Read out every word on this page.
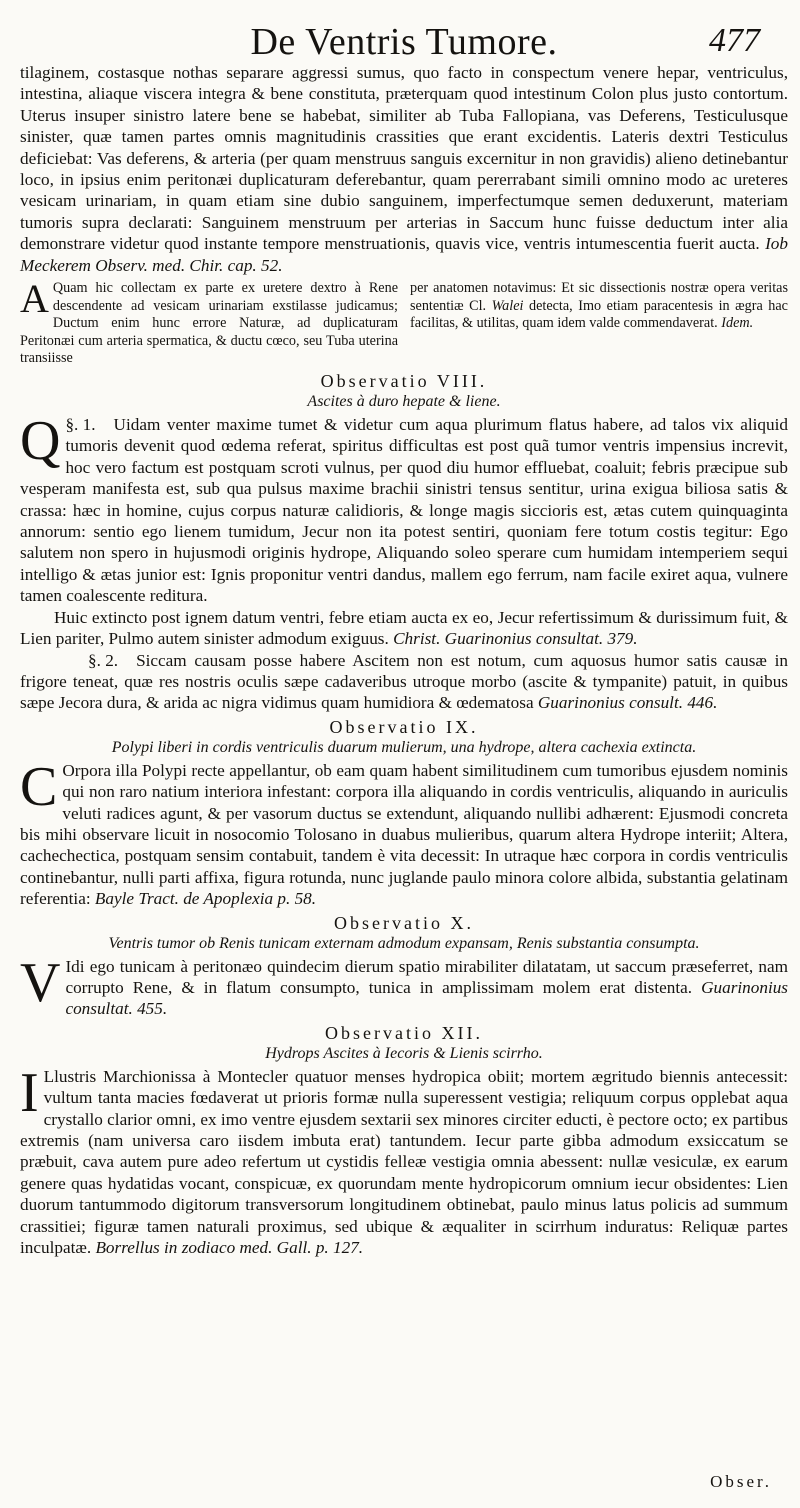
De Ventris Tumore.	477

tilaginem, costasque nothas separare aggressi sumus, quo facto in conspectum venere hepar, ventriculus, intestina, aliaque viscera integra & bene constituta, præterquam quod intestinum Colon plus justo contortum. Uterus insuper sinistro latere bene se habebat, similiter ab Tuba Fallopiana, vas Deferens, Testiculusque sinister, quæ tamen partes omnis magnitudinis crassities que erant excidentis. Lateris dextri Testiculus deficiebat: Vas deferens, & arteria (per quam menstruus sanguis excernitur in non gravidis) alieno detinebantur loco, in ipsius enim peritonæi duplicaturam deferebantur, quam pererrabant simili omnino modo ac ureteres vesicam urinariam, in quam etiam sine dubio sanguinem, imperfectumque semen deduxerunt, materiam tumoris supra declarati: Sanguinem menstruum per arterias in Saccum hunc fuisse deductum inter alia demonstrare videtur quod instante tempore menstruationis, quavis vice, ventris intumescentia fuerit aucta. Iob Meckerem Observ. med. Chir. cap. 52.

A Quam hic collectam ex parte ex uretere dextro à Rene descendente ad vesicam urinariam exstilasse judicamus; Ductum enim hunc errore Naturæ, ad duplicaturam Peritonæi cum arteria spermatica, & ductu cœco, seu Tuba uterina transiisse

per anatomen notavimus: Et sic dissectionis nostræ opera veritas sententiæ Cl. Walei detecta, Imo etiam paracentesis in ægra hac facilitas, & utilitas, quam idem valde commendaverat. Idem.

Observatio VIII.
Ascites à duro hepate & liene.

§. 1.
Q	Uidam venter maxime tumet & videtur cum aqua plurimum flatus habere, ad talos vix aliquid tumoris devenit quod œdema referat, spiritus difficultas est post quã tumor ventris impensius increvit, hoc vero factum est postquam scroti vulnus, per quod diu humor effluebat, coaluit; febris præcipue sub vesperam manifesta est, sub qua pulsus maxime brachii sinistri tensus sentitur, urina exigua biliosa satis & crassa: hæc in homine, cujus corpus naturæ calidioris, & longe magis siccioris est, ætas cutem quinquaginta annorum: sentio ego lienem tumidum, Jecur non ita potest sentiri, quoniam fere totum costis tegitur: Ego salutem non spero in hujusmodi originis hydrope, Aliquando soleo sperare cum humidam intemperiem sequi intelligo & ætas junior est: Ignis proponitur ventri dandus, mallem ego ferrum, nam facile exiret aqua, vulnere tamen coalescente reditura.

Huic extincto post ignem datum ventri, febre etiam aucta ex eo, Jecur refertissimum & durissimum fuit, & Lien pariter, Pulmo autem sinister admodum exiguus. Christ. Guarinonius consultat. 379.

§. 2. Siccam causam posse habere Ascitem non est notum, cum aquosus humor satis causæ in frigore teneat, quæ res nostris oculis sæpe cadaveribus utroque morbo (ascite & tympanite) patuit, in quibus sæpe Jecora dura, & arida ac nigra vidimus quam humidiora & œdematosa Guarinonius consult. 446.

Observatio IX.
Polypi liberi in cordis ventriculis duarum mulierum, una hydrope, altera cachexia extincta.

C Orpora illa Polypi recte appellantur, ob eam quam habent similitudinem cum tumoribus ejusdem nominis qui non raro natium interiora infestant: corpora illa aliquando in cordis ventriculis, aliquando in auriculis veluti radices agunt, & per vasorum ductus se extendunt, aliquando nullibi adhærent: Ejusmodi concreta bis mihi observare licuit in nosocomio Tolosano in duabus mulieribus, quarum altera Hydrope interiit; Altera, cachechectica, postquam sensim contabuit, tandem è vita decessit: In utraque hæc corpora in cordis ventriculis continebantur, nulli parti affixa, figura rotunda, nunc juglande paulo minora colore albida, substantia gelatinam referentia: Bayle Tract. de Apoplexia p. 58.

Observatio X.
Ventris tumor ob Renis tunicam externam admodum expansam, Renis substantia consumpta.

V Idi ego tunicam à peritonæo quindecim dierum spatio mirabiliter dilatatam, ut saccum præseferret, nam corrupto Rene, & in flatum consumpto, tunica in amplissimam molem erat distenta. Guarinonius consultat. 455.

Observatio XII.
Hydrops Ascites à Iecoris & Lienis scirrho.

I Llustris Marchionissa à Montecler quatuor menses hydropica obiit; mortem ægritudo biennis antecessit: vultum tanta macies fœdaverat ut prioris formæ nulla superessent vestigia; reliquum corpus opplebat aqua crystallo clarior omni, ex imo ventre ejusdem sextarii sex minores circiter educti, è pectore octo; ex partibus extremis (nam universa caro iisdem imbuta erat) tantundem. Iecur parte gibba admodum exsiccatum se præbuit, cava autem pure adeo refertum ut cystidis felleæ vestigia omnia abessent: nullæ vesiculæ, ex earum genere quas hydatidas vocant, conspicuæ, ex quorundam mente hydropicorum omnium iecur obsidentes: Lien duorum tantummodo digitorum transversorum longitudinem obtinebat, paulo minus latus policis ad summum crassitiei; figuræ tamen naturali proximus, sed ubique & æqualiter in scirrhum induratus: Reliquæ partes inculpatæ. Borrellus in zodiaco med. Gall. p. 127.

Obser.
